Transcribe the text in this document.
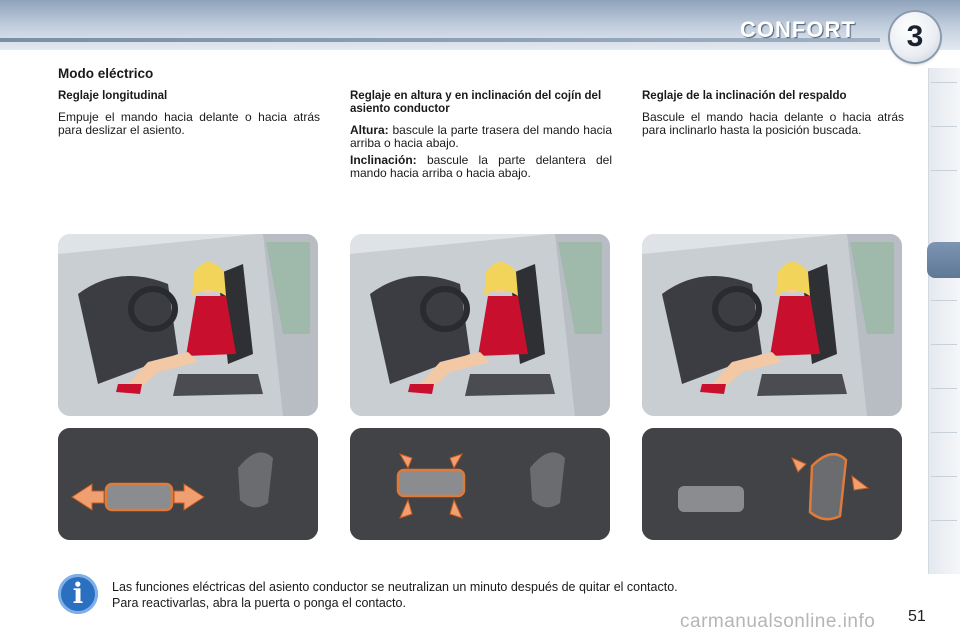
CONFORT	3
Modo eléctrico
Reglaje longitudinal

Empuje el mando hacia delante o hacia atrás para deslizar el asiento.

Reglaje en altura y en inclinación del cojín del asiento conductor

Altura: bascule la parte trasera del mando hacia arriba o hacia abajo.

Inclinación: bascule la parte delantera del mando hacia arriba o hacia abajo.

Reglaje de la inclinación del respaldo

Bascule el mando hacia delante o hacia atrás para inclinarlo hasta la posición buscada.

i	Las funciones eléctricas del asiento conductor se neutralizan un minuto después de quitar el contacto.
Para reactivarlas, abra la puerta o ponga el contacto.
51
carmanualsonline.info
